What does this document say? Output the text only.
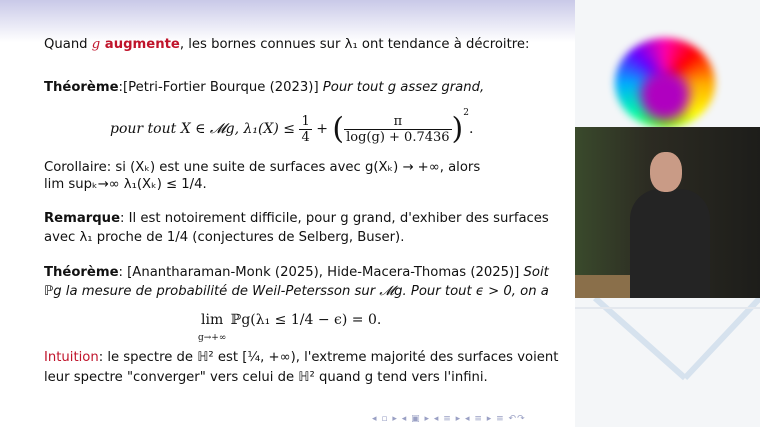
Quand g augmente, les bornes connues sur λ₁ ont tendance à décroitre:
Théorème:[Petri-Fortier Bourque (2023)] Pour tout g assez grand,
pour tout X ∈ 𝓜g, $\lambda_1(X) \le \frac{1}{4}$ + ( $\frac{\pi}{\log(g) + 0.7436} )^2$.
Corollaire: si (Xₖ) est une suite de surfaces avec g(Xₖ) → +∞, alors
lim supₖ→∞ λ₁(Xₖ) ≤ 1/4.
Remarque: Il est notoirement difficile, pour g grand, d'exhiber des surfaces
avec λ₁ proche de 1/4 (conjectures de Selberg, Buser).
Théorème: [Anantharaman-Monk (2025), Hide-Macera-Thomas (2025)] Soit
ℙg la mesure de probabilité de Weil-Petersson sur 𝓜g. Pour tout ϵ > 0, on a
lim
g→+∞ ℙg(λ₁ ≤ 1/4 − ϵ) = 0.
Intuition: le spectre de ℍ² est [¼, +∞), l'extreme majorité des surfaces voient
leur spectre "converger" vers celui de ℍ² quand g tend vers l'infini.
◂ ▫ ▸ ◂ ▣ ▸ ◂ ≡ ▸ ◂ ≡ ▸ ≡ ↶↷
